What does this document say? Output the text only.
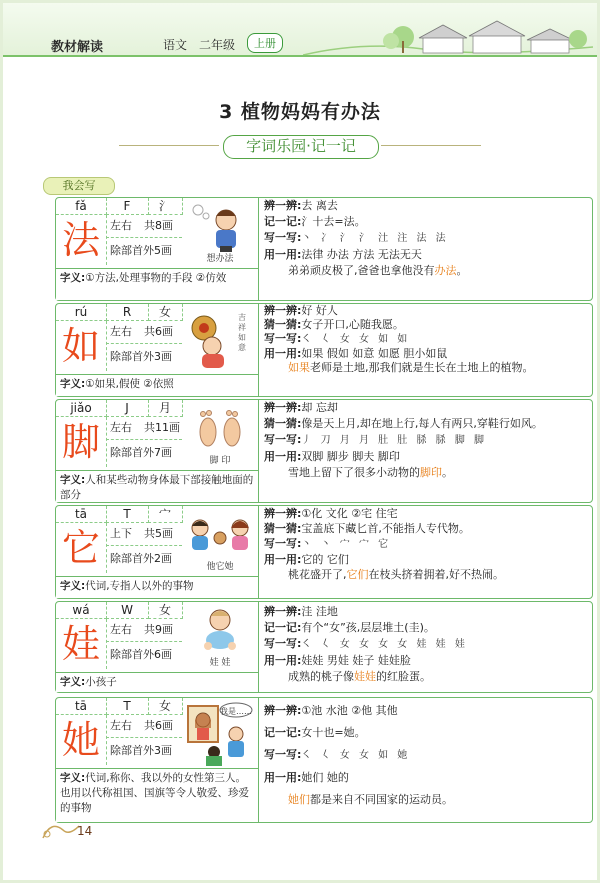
教材解读	语文 二年级	上册
3 植物妈妈有办法
字词乐园·记一记
我会写
fǎ	F	氵
法 左右 共8画
除部首外5画
想办法
字义:①方法,处理事物的手段 ②仿效
辨一辨:去 离去
记一记:氵十去=法。
写一写:丶 冫 氵 氵 汢 注 法 法
用一用:法律 办法 方法 无法无天
弟弟顽皮极了,爸爸也拿他没有办法。
rú	R	女
如 左右 共6画
除部首外3画
吉
祥
如
意
字义:①如果,假使 ②依照
辨一辨:好 好人
猜一猜:女子开口,心随我愿。
写一写:㇛ 𡿨 女 女 如 如
用一用:如果 假如 如意 如愿 胆小如鼠
如果老师是土地,那我们就是生长在土地上的植物。
jiǎo	J	月
脚 左右 共11画
除部首外7画
脚 印
字义:人和某些动物身体最下部接触地面的部分
辨一辨:却 忘却
猜一猜:像是天上月,却在地上行,每人有两只,穿鞋行如风。
写一写:丿 刀 月 月 肚 肚 脎 脎 脚 脚
用一用:双脚 脚步 脚夫 脚印
雪地上留下了很多小动物的脚印。
tā	T	宀
它 上下 共5画
除部首外2画
他它她
字义:代词,专指人以外的事物
辨一辨:①化 文化 ②宅 住宅
猜一猜:宝盖底下藏匕首,不能指人专代物。
写一写:丶 丶 宀 宀 它
用一用:它的 它们
桃花盛开了,它们在枝头挤着拥着,好不热闹。
wá	W	女
娃 左右 共9画
除部首外6画
娃 娃
字义:小孩子
辨一辨:洼 洼地
记一记:有个“女”孩,层层堆土(圭)。
写一写:㇛ 𡿨 女 女 女 女 娃 娃 娃
用一用:娃娃 男娃 娃子 娃娃脸
成熟的桃子像娃娃的红脸蛋。
tā	T	女
她 左右 共6画
除部首外3画
我是……
字义:代词,称你、我以外的女性第三人。也用以代称祖国、国旗等令人敬爱、珍爱的事物
辨一辨:①池 水池 ②他 其他
记一记:女十也=她。
写一写:㇛ 𡿨 女 女 如 她
用一用:她们 她的
她们都是来自不同国家的运动员。
14
